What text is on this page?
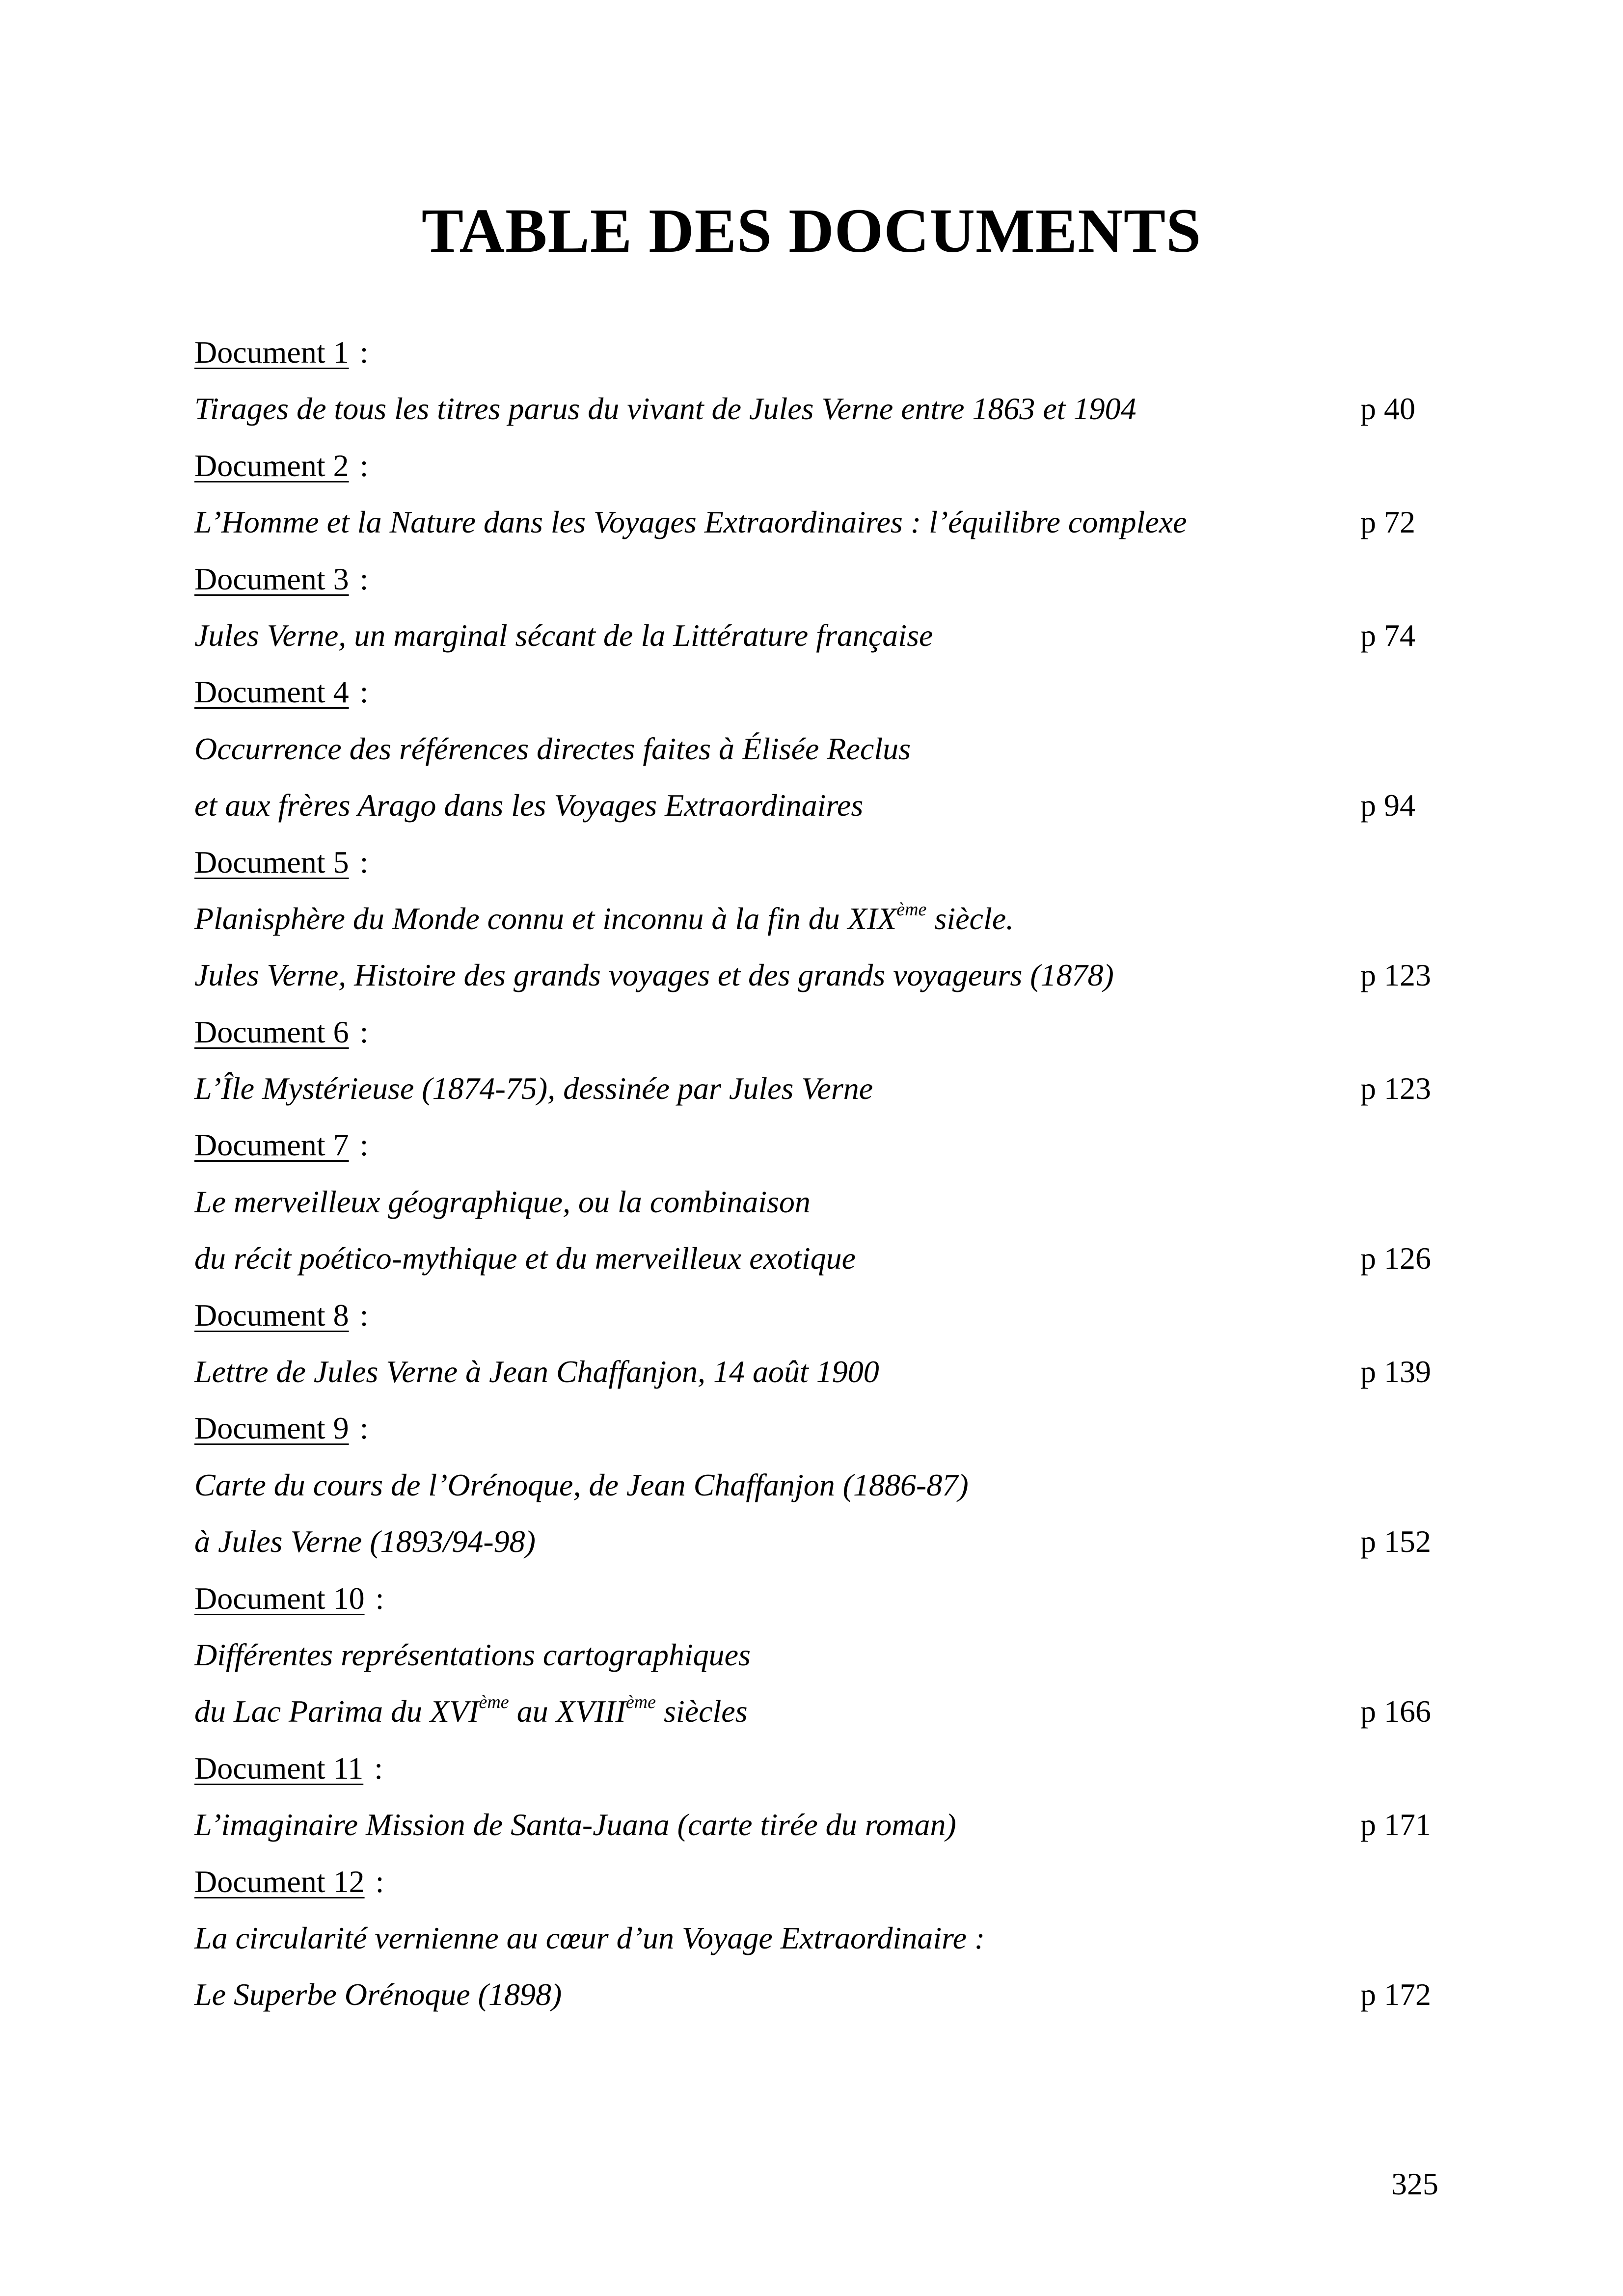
TABLE DES DOCUMENTS
Document 1 :
Tirages de tous les titres parus du vivant de Jules Verne entre 1863 et 1904	p 40
Document 2 :
L’Homme et la Nature dans les Voyages Extraordinaires : l’équilibre complexe	p 72
Document 3 :
Jules Verne, un marginal sécant de la Littérature française	p 74
Document 4 :
Occurrence des références directes faites à Élisée Reclus
et aux frères Arago dans les Voyages Extraordinaires	p 94
Document 5 :
Planisphère du Monde connu et inconnu à la fin du XIXème siècle.
Jules Verne, Histoire des grands voyages et des grands voyageurs (1878)	p 123
Document 6 :
L’Île Mystérieuse (1874-75), dessinée par Jules Verne	p 123
Document 7 :
Le merveilleux géographique, ou la combinaison
du récit poético-mythique et du merveilleux exotique	p 126
Document 8 :
Lettre de Jules Verne à Jean Chaffanjon, 14 août 1900	p 139
Document 9 :
Carte du cours de l’Orénoque, de Jean Chaffanjon (1886-87)
à Jules Verne (1893/94-98)	p 152
Document 10 :
Différentes représentations cartographiques
du Lac Parima du XVIème au XVIIIème siècles	p 166
Document 11 :
L’imaginaire Mission de Santa-Juana (carte tirée du roman)	p 171
Document 12 :
La circularité vernienne au cœur d’un Voyage Extraordinaire :
Le Superbe Orénoque (1898)	p 172
325
